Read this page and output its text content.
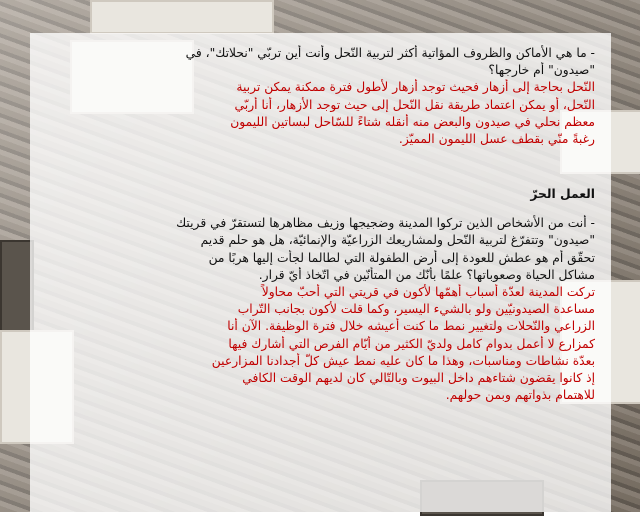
- ما هي الأماكن والظروف المؤاتية أكثر لتربية النّحل وأنت أين تربّي "نحلاتك"، في

"صيدون" أم خارجها؟

النّحل بحاجة إلى أزهار فحيث توجد أزهار لأطول فترة ممكنة يمكن تربية

النّحل، أو يمكن اعتماد طريقة نقل النّحل إلى حيث توجد الأزهار، أنا أربّي

معظم نحلي في صيدون والبعض منه أنقله شتاءً للسّاحل لبساتين الليمون

رغبةً منّي بقطف عسل الليمون المميّز.

العمل الحرّ

- أنت من الأشخاص الذين تركوا المدينة وضجيجها وزيف مظاهرها لتستقرّ في قريتك

"صيدون" وتتفرّغ لتربية النّحل ولمشاريعك الزراعيّة والإنمائيّة، هل هو حلم قديم

تحقّق أم هو عطش للعودة إلى أرض الطفولة التي لطالما لجأت إليها هربًا من

مشاكل الحياة وصعوباتها؟ علمًا بأنّك من المتأنّين في اتّخاذ أيّ قرار.

تركت المدينة لعدّة أسباب أهمّها لأكون في قريتي التي أحبّ محاولاً

مساعدة الصيدونيّين ولو بالشيء اليسير، وكما قلت لأكون بجانب التّراب

الزراعي والنّحلات ولتغيير نمط ما كنت أعيشه خلال فترة الوظيفة. الآن أنا

كمزارع لا أعمل بدوام كامل ولديّ الكثير من أيّام الفرص التي أشارك فيها

بعدّة نشاطات ومناسبات، وهذا ما كان عليه نمط عيش كلّ أجدادنا المزارعين

إذ كانوا يقضون شتاءهم داخل البيوت وبالتّالي كان لديهم الوقت الكافي

للاهتمام بذواتهم وبمن حولهم.
